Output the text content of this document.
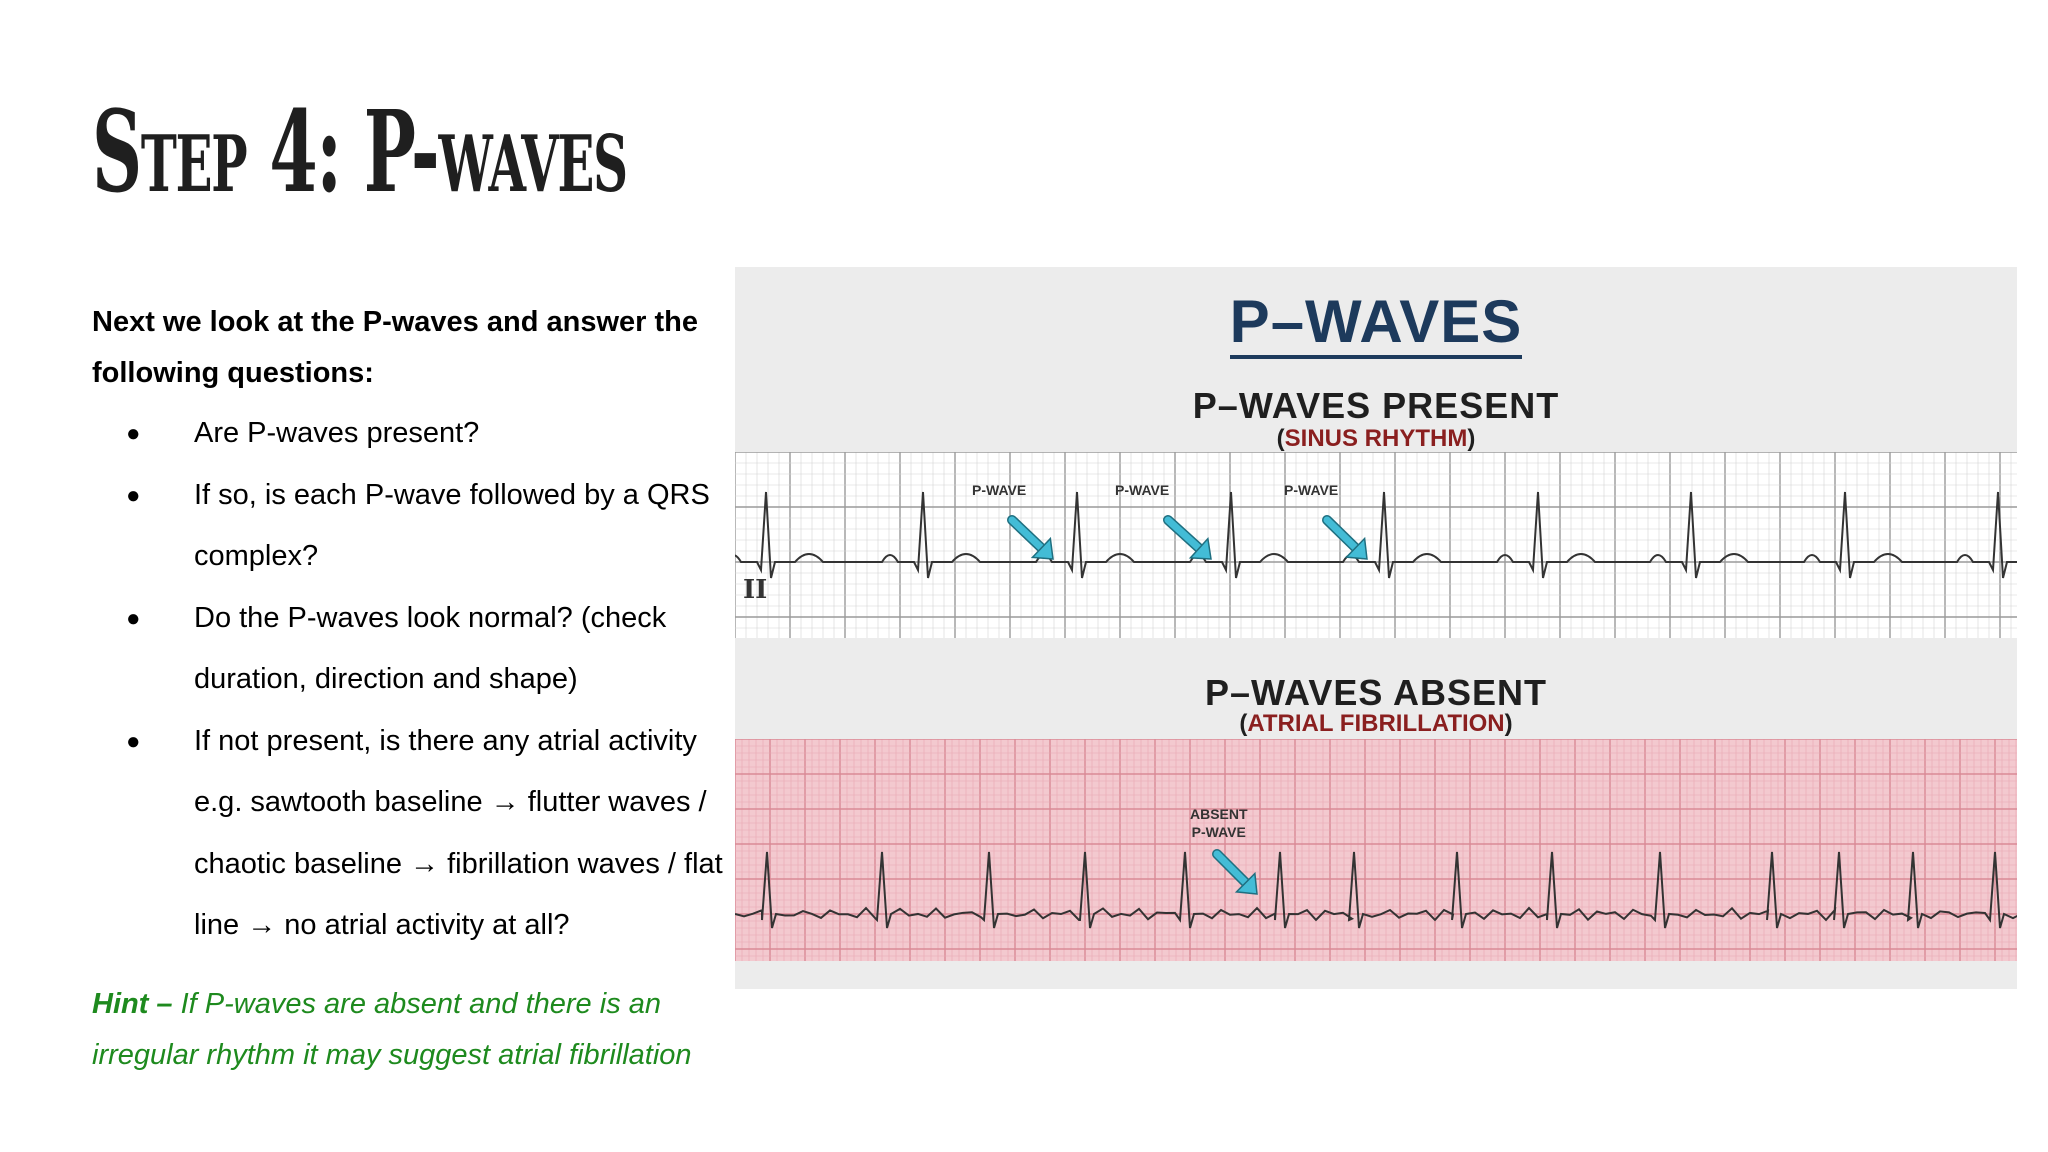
Step 4: P-waves

Next we look at the P-waves and answer the following questions:

● Are P-waves present?
● If so, is each P-wave followed by a QRS complex?
● Do the P-waves look normal? (check duration, direction and shape)
● If not present, is there any atrial activity e.g. sawtooth baseline → flutter waves / chaotic baseline → fibrillation waves / flat line → no atrial activity at all?
Hint – If P-waves are absent and there is an irregular rhythm it may suggest atrial fibrillation
P–WAVES
P–WAVES PRESENT
(SINUS RHYTHM)
II
P-WAVE	P-WAVE	P-WAVE
P–WAVES ABSENT
(ATRIAL FIBRILLATION)
ABSENT
P-WAVE
